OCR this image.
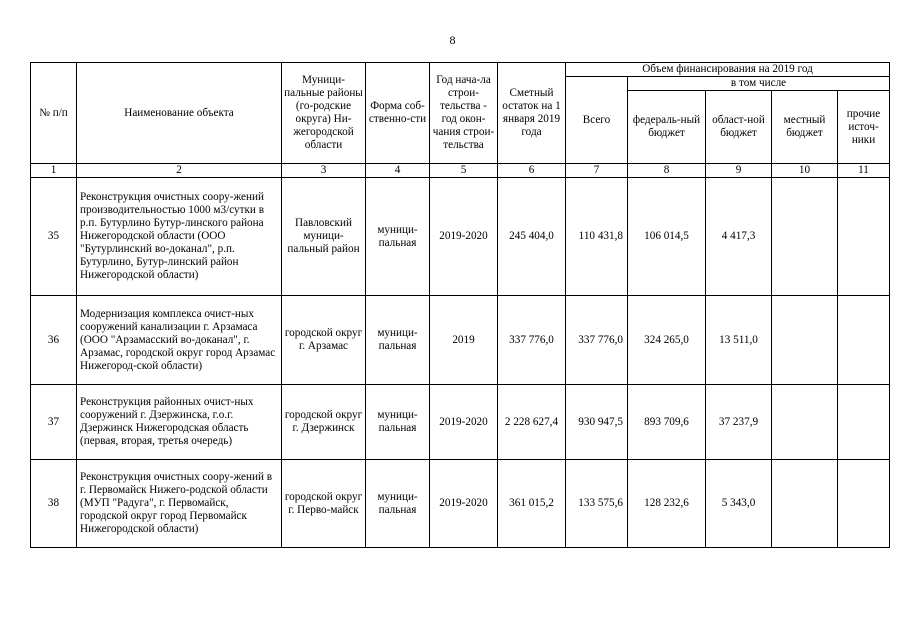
8
№ п/п	Наименование объекта	Муници-пальные районы (го-родские округа) Ни-жегородской области	Форма соб-ственно-сти	Год нача-ла строи-тельства - год окон-чания строи-тельства	Сметный остаток на 1 января 2019 года	Объем финансирования на 2019 год				
						Всего	в том числе			
							федераль-ный бюджет	област-ной бюджет	местный бюджет	прочие источ-ники
1	2	3	4	5	6	7	8	9	10	11
35	Реконструкция очистных соору-жений производительностью 1000 м3/сутки в р.п. Бутурлино Бутур-линского района Нижегородской области (ООО "Бутурлинский во-доканал", р.п. Бутурлино, Бутур-линский район Нижегородской области)	Павловский муници-пальный район	муници-пальная	2019-2020	245 404,0	110 431,8	106 014,5	4 417,3		
36	Модернизация комплекса очист-ных сооружений канализации г. Арзамаса (ООО "Арзамасский во-доканал", г. Арзамас, городской округ город Арзамас Нижегород-ской области)	городской округ г. Арзамас	муници-пальная	2019	337 776,0	337 776,0	324 265,0	13 511,0		
37	Реконструкция районных очист-ных сооружений г. Дзержинска, г.о.г. Дзержинск Нижегородская область (первая, вторая, третья очередь)	городской округ г. Дзержинск	муници-пальная	2019-2020	2 228 627,4	930 947,5	893 709,6	37 237,9		
38	Реконструкция очистных соору-жений в г. Первомайск Нижего-родской области (МУП "Радуга", г. Первомайск, городской округ город Первомайск Нижегородской области)	городской округ г. Перво-майск	муници-пальная	2019-2020	361 015,2	133 575,6	128 232,6	5 343,0		
